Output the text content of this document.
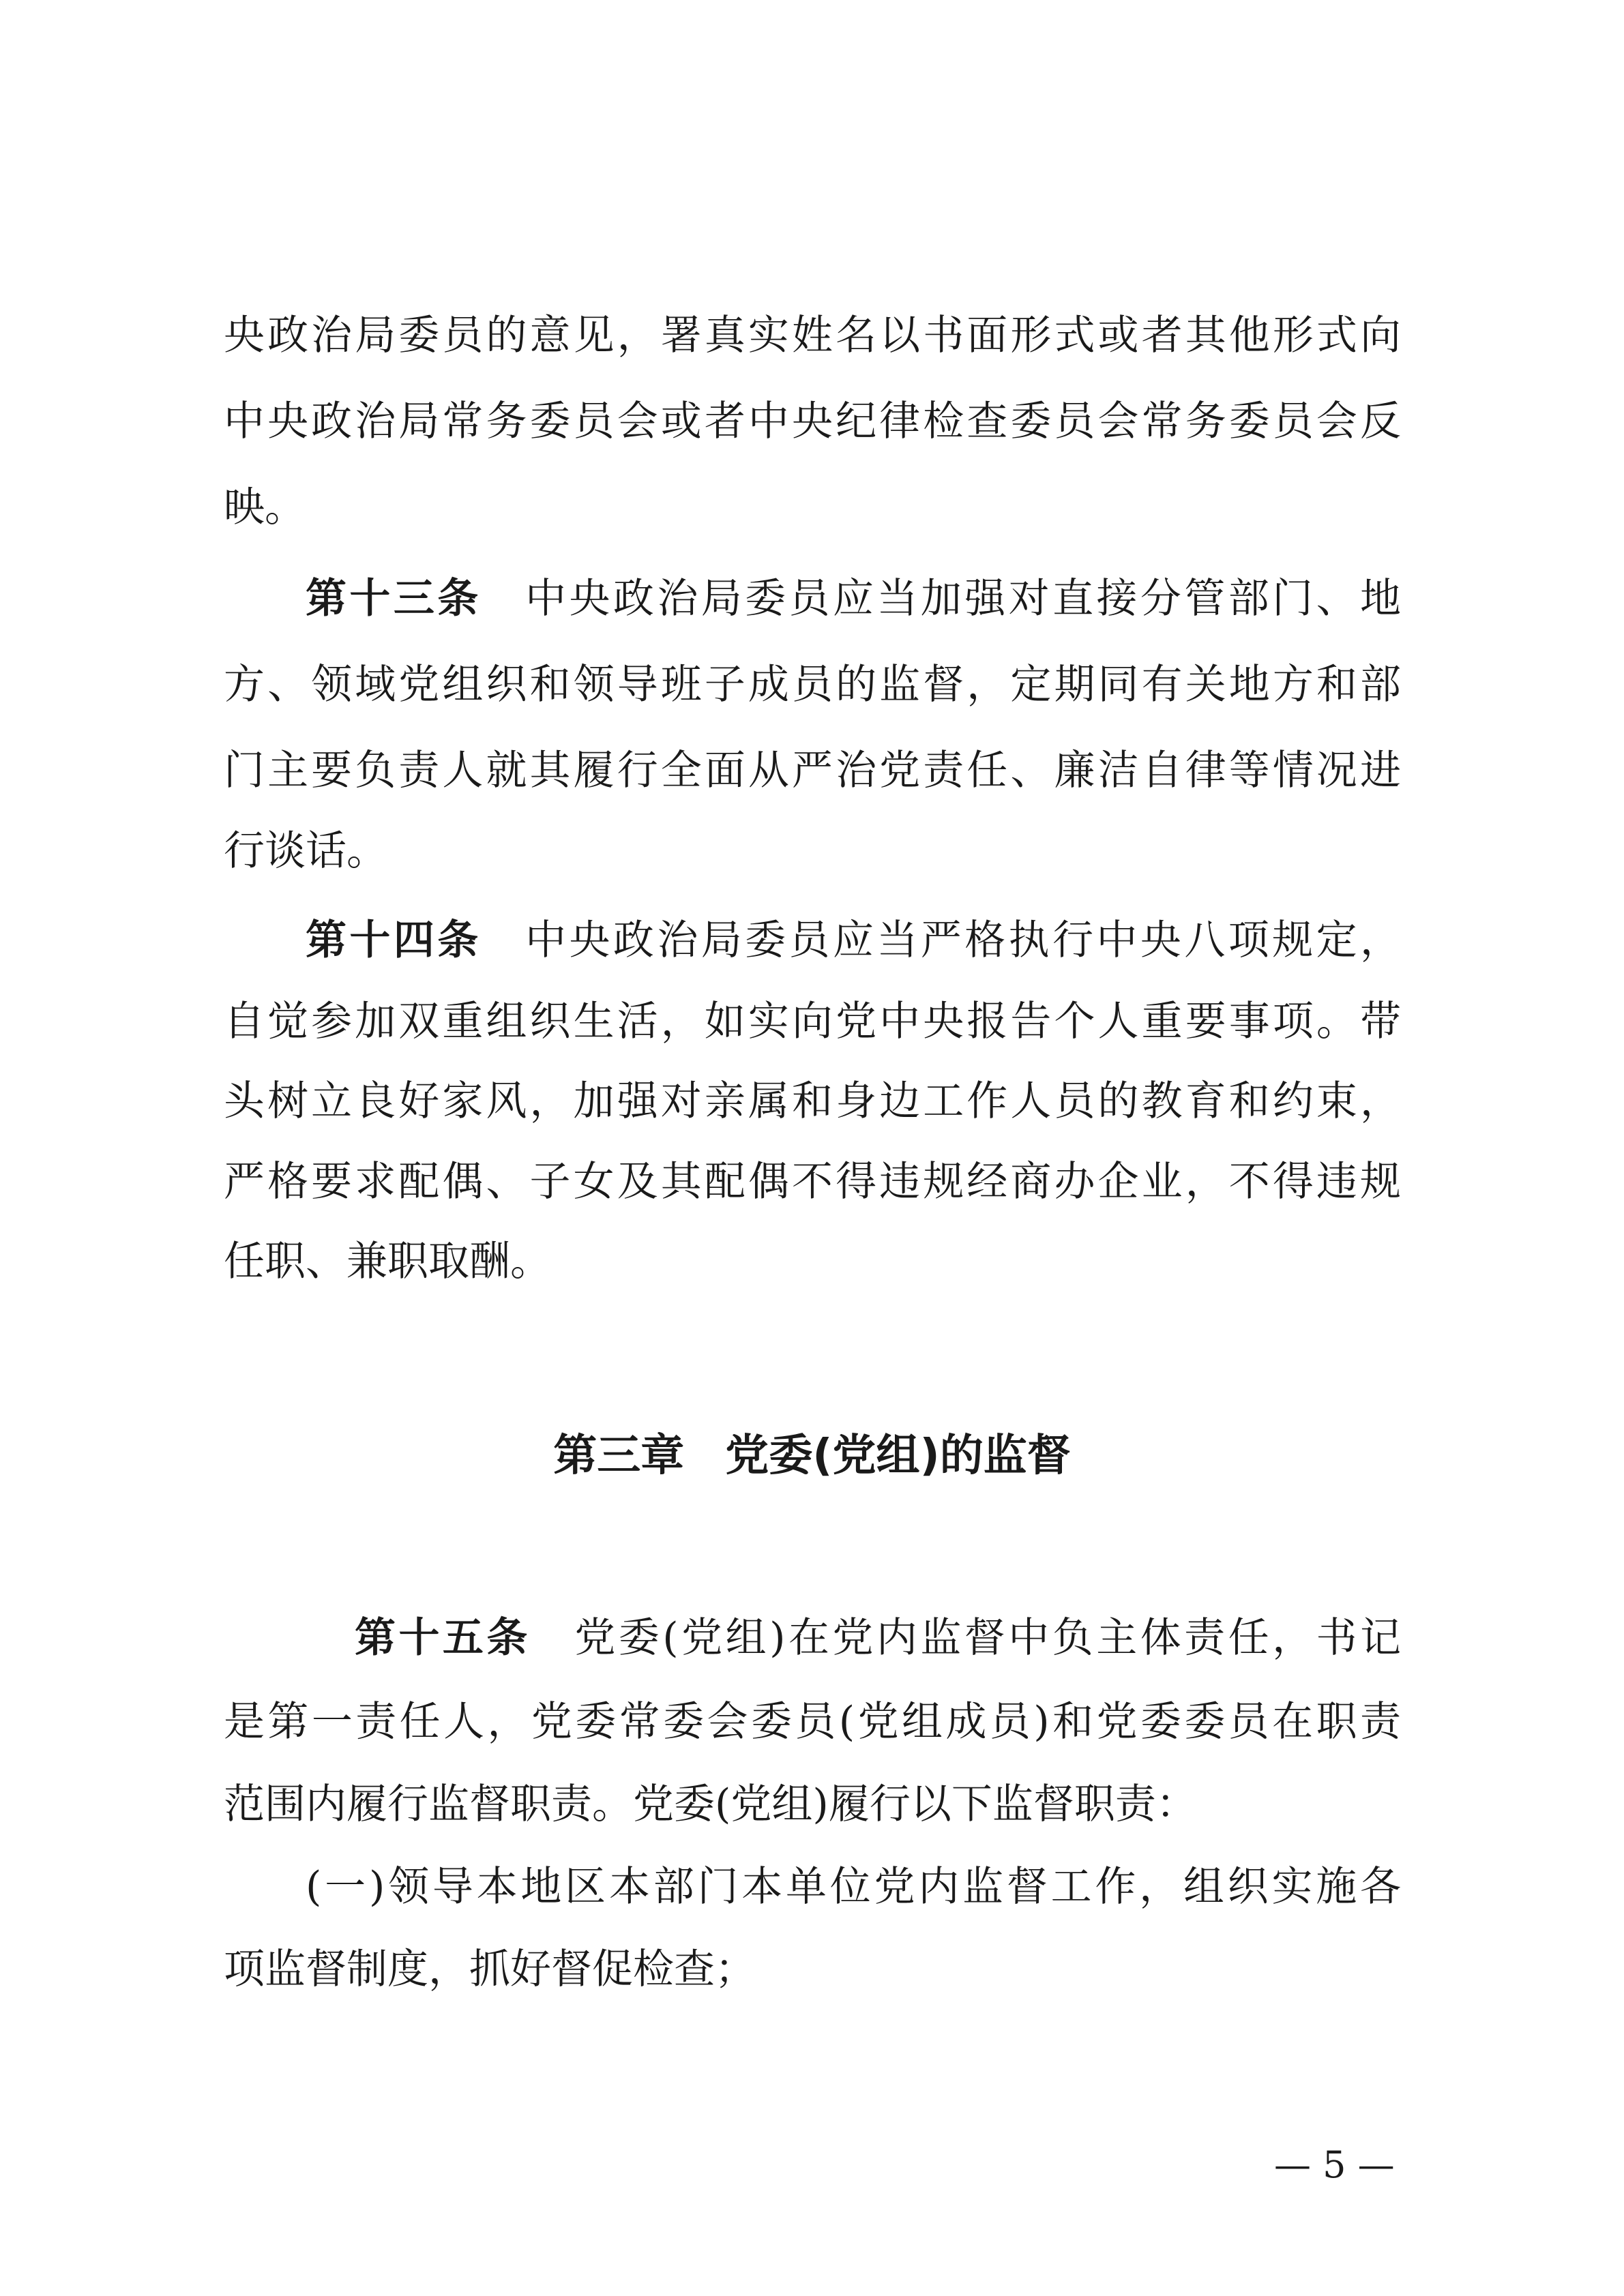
央政治局委员的意见，署真实姓名以书面形式或者其他形式向
中央政治局常务委员会或者中央纪律检查委员会常务委员会反
映。
第十三条 中央政治局委员应当加强对直接分管部门、地
方、领域党组织和领导班子成员的监督，定期同有关地方和部
门主要负责人就其履行全面从严治党责任、廉洁自律等情况进
行谈话。
第十四条 中央政治局委员应当严格执行中央八项规定，
自觉参加双重组织生活，如实向党中央报告个人重要事项。带
头树立良好家风，加强对亲属和身边工作人员的教育和约束，
严格要求配偶、子女及其配偶不得违规经商办企业，不得违规
任职、兼职取酬。
第三章 党委(党组)的监督
第十五条 党委(党组)在党内监督中负主体责任，书记
是第一责任人，党委常委会委员(党组成员)和党委委员在职责
范围内履行监督职责。党委(党组)履行以下监督职责：
(一)领导本地区本部门本单位党内监督工作，组织实施各
项监督制度，抓好督促检查；
— 5 —
